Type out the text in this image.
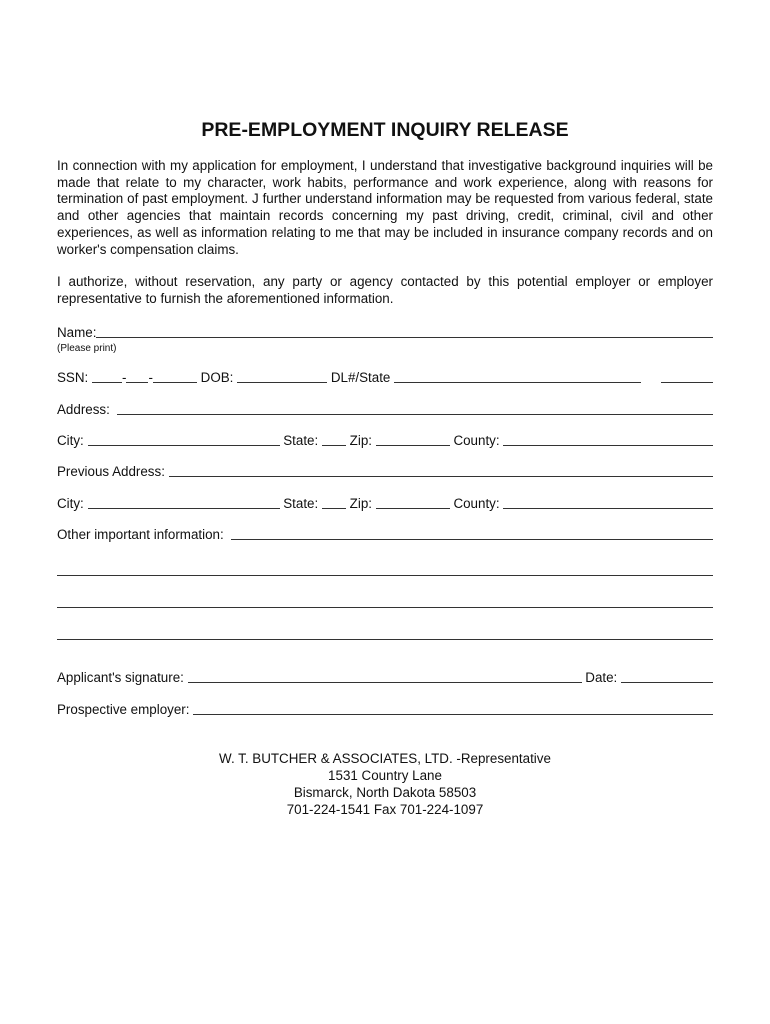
PRE-EMPLOYMENT INQUIRY RELEASE
In connection with my application for employment, I understand that investigative background inquiries will be made that relate to my character, work habits, performance and work experience, along with reasons for termination of past employment. J further understand information may be requested from various federal, state and other agencies that maintain records concerning my past driving, credit, criminal, civil and other experiences, as well as information relating to me that may be included in insurance company records and on worker's compensation claims.
I authorize, without reservation, any party or agency contacted by this potential employer or employer representative to furnish the aforementioned information.
Name:
(Please print)
SSN: - -	DOB:	DL#/State
Address:
City:	State: Zip:	County:
Previous Address:
City:	State: Zip:	County:
Other important information:
Applicant's signature:	Date:
Prospective employer:
W. T. BUTCHER & ASSOCIATES, LTD. -Representative
1531 Country Lane
Bismarck, North Dakota 58503
701-224-1541 Fax 701-224-1097
